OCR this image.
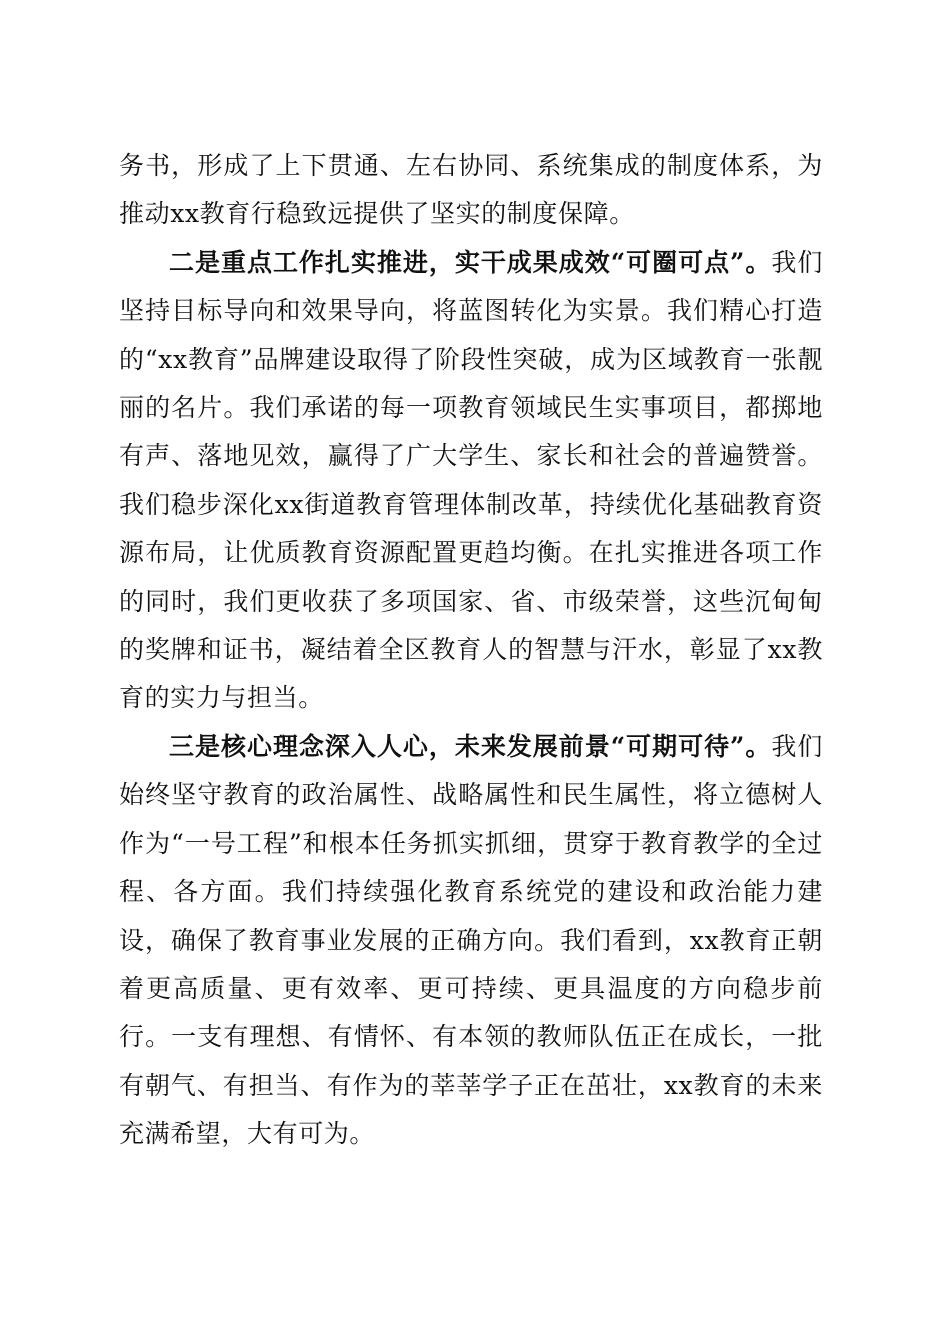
务书，形成了上下贯通、左右协同、系统集成的制度体系，为推动xx教育行稳致远提供了坚实的制度保障。

二是重点工作扎实推进，实干成果成效“可圈可点”。我们坚持目标导向和效果导向，将蓝图转化为实景。我们精心打造的“xx教育”品牌建设取得了阶段性突破，成为区域教育一张靓丽的名片。我们承诺的每一项教育领域民生实事项目，都掷地有声、落地见效，赢得了广大学生、家长和社会的普遍赞誉。我们稳步深化xx街道教育管理体制改革，持续优化基础教育资源布局，让优质教育资源配置更趋均衡。在扎实推进各项工作的同时，我们更收获了多项国家、省、市级荣誉，这些沉甸甸的奖牌和证书，凝结着全区教育人的智慧与汗水，彰显了xx教育的实力与担当。

三是核心理念深入人心，未来发展前景“可期可待”。我们始终坚守教育的政治属性、战略属性和民生属性，将立德树人作为“一号工程”和根本任务抓实抓细，贯穿于教育教学的全过程、各方面。我们持续强化教育系统党的建设和政治能力建设，确保了教育事业发展的正确方向。我们看到，xx教育正朝着更高质量、更有效率、更可持续、更具温度的方向稳步前行。一支有理想、有情怀、有本领的教师队伍正在成长，一批有朝气、有担当、有作为的莘莘学子正在茁壮，xx教育的未来充满希望，大有可为。
